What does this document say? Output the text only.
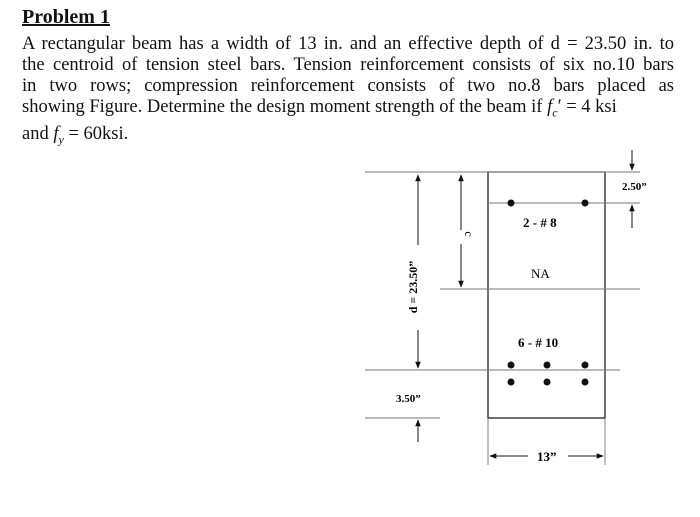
Problem 1
A rectangular beam has a width of 13 in. and an effective depth of d = 23.50 in. to
the centroid of tension steel bars. Tension reinforcement consists of six no.10 bars
in two rows; compression reinforcement consists of two no.8 bars placed as
showing Figure. Determine the design moment strength of the beam if $f_c' = 4$ ksi
and $f_y = 60ksi$.
2.50”
2 - # 8
c
NA
d = 23.50”
6 - # 10
3.50”
13”
